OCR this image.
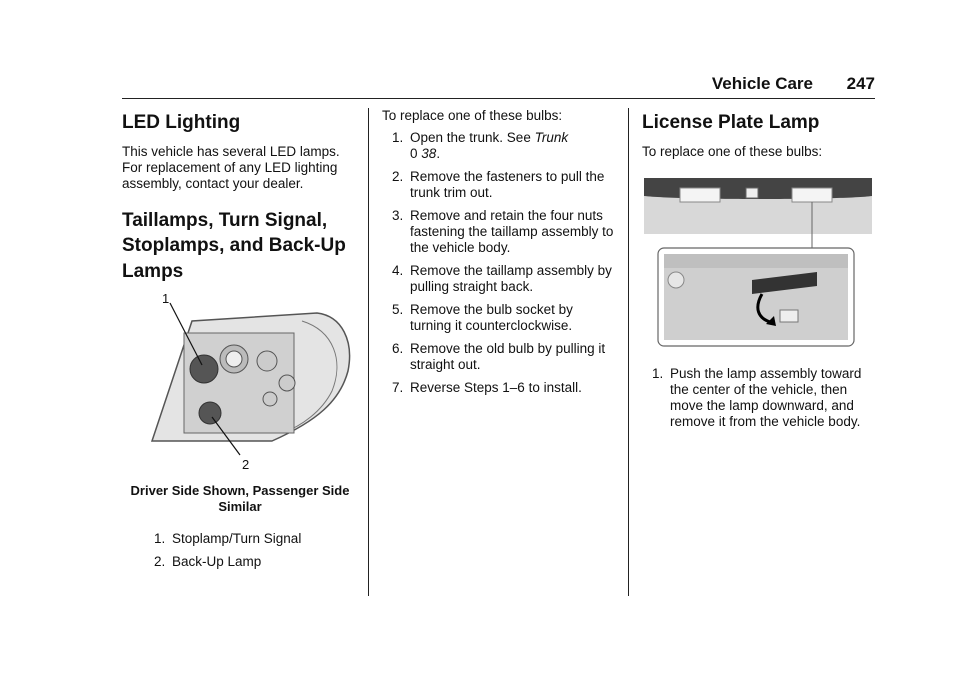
Vehicle Care 247
LED Lighting

This vehicle has several LED lamps. For replacement of any LED lighting assembly, contact your dealer.

Taillamps, Turn Signal, Stoplamps, and Back-Up Lamps
1
2
Driver Side Shown, Passenger Side Similar
1. Stoplamp/Turn Signal
2. Back-Up Lamp

To replace one of these bulbs:

1. Open the trunk. See Trunk
0 38.
2. Remove the fasteners to pull the trunk trim out.
3. Remove and retain the four nuts fastening the taillamp assembly to the vehicle body.
4. Remove the taillamp assembly by pulling straight back.
5. Remove the bulb socket by turning it counterclockwise.
6. Remove the old bulb by pulling it straight out.
7. Reverse Steps 1–6 to install.
License Plate Lamp

To replace one of these bulbs:

1. Push the lamp assembly toward the center of the vehicle, then move the lamp downward, and remove it from the vehicle body.
